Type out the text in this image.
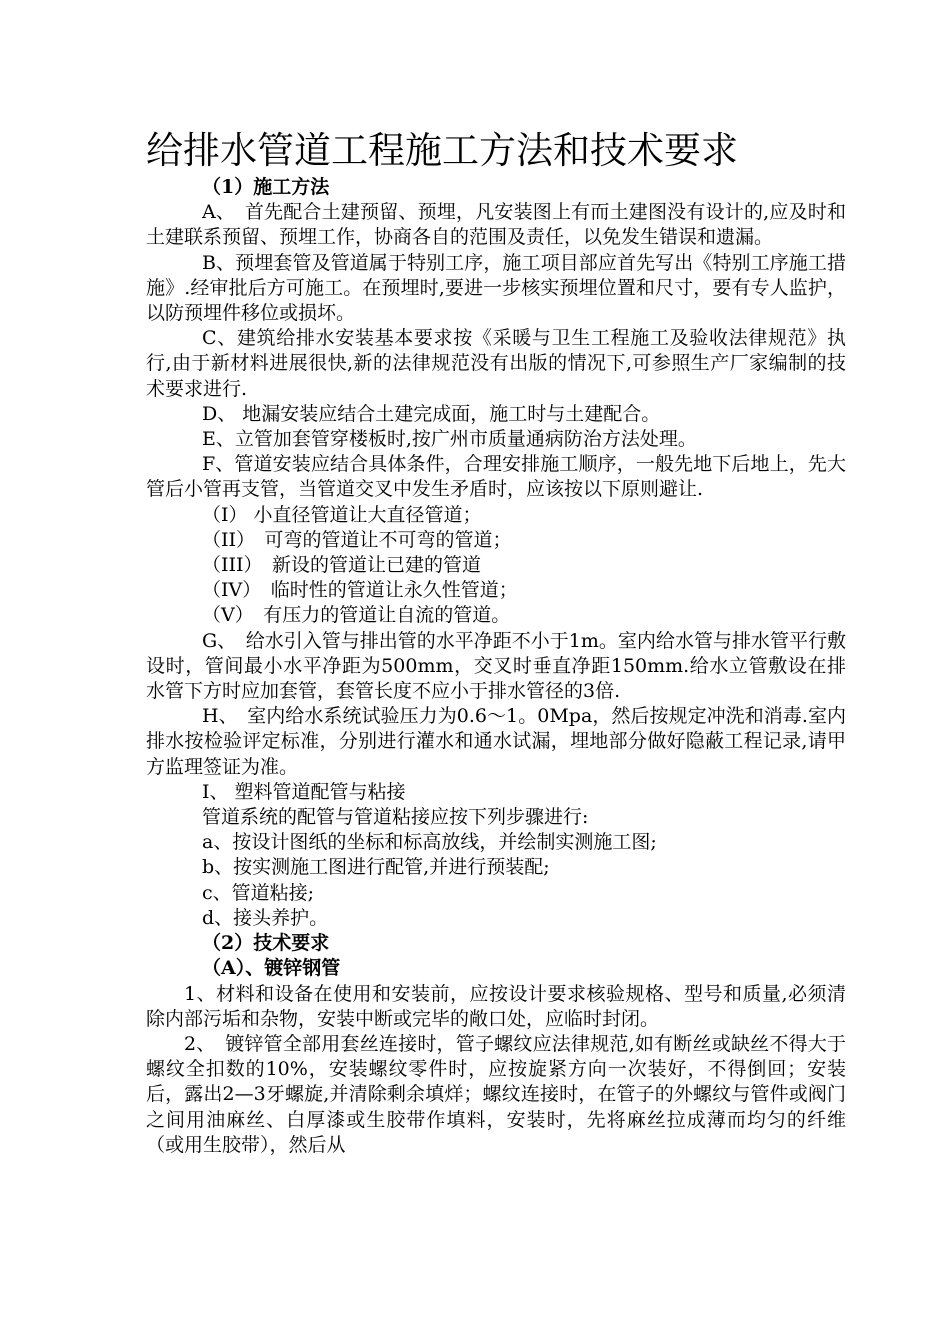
给排水管道工程施工方法和技术要求

（1）施工方法

A、　首先配合土建预留、预埋，凡安装图上有而土建图没有设计的,应及时和土建联系预留、预埋工作，协商各自的范围及责任，以免发生错误和遗漏。

B、预埋套管及管道属于特别工序，施工项目部应首先写出《特别工序施工措施》.经审批后方可施工。在预埋时,要进一步核实预埋位置和尺寸，要有专人监护，以防预埋件移位或损坏。

C、建筑给排水安装基本要求按《采暖与卫生工程施工及验收法律规范》执行,由于新材料进展很快,新的法律规范没有出版的情况下,可参照生产厂家编制的技术要求进行.

D、 地漏安装应结合土建完成面，施工时与土建配合。

E、立管加套管穿楼板时,按广州市质量通病防治方法处理。

F、管道安装应结合具体条件，合理安排施工顺序，一般先地下后地上，先大管后小管再支管，当管道交叉中发生矛盾时，应该按以下原则避让.

（I） 小直径管道让大直径管道；

（II）　可弯的管道让不可弯的管道；

（III）　新设的管道让已建的管道

（IV）　临时性的管道让永久性管道；

（V）　有压力的管道让自流的管道。

G、　给水引入管与排出管的水平净距不小于1m。室内给水管与排水管平行敷设时，管间最小水平净距为500mm，交叉时垂直净距150mm.给水立管敷设在排水管下方时应加套管，套管长度不应小于排水管径的3倍.

H、　室内给水系统试验压力为0.6～1。0Mpa，然后按规定冲洗和消毒.室内排水按检验评定标准，分别进行灌水和通水试漏，埋地部分做好隐蔽工程记录,请甲方监理签证为准。

I、 塑料管道配管与粘接

管道系统的配管与管道粘接应按下列步骤进行:

a、按设计图纸的坐标和标高放线，并绘制实测施工图;

b、按实测施工图进行配管,并进行预装配;

c、管道粘接;

d、接头养护。

（2）技术要求

（A）、镀锌钢管

1、材料和设备在使用和安装前，应按设计要求核验规格、型号和质量,必须清除内部污垢和杂物，安装中断或完毕的敞口处，应临时封闭。

2、　镀锌管全部用套丝连接时，管子螺纹应法律规范,如有断丝或缺丝不得大于螺纹全扣数的10%，安装螺纹零件时，应按旋紧方向一次装好，不得倒回；安装后，露出2—3牙螺旋,并清除剩余填烊；螺纹连接时，在管子的外螺纹与管件或阀门之间用油麻丝、白厚漆或生胶带作填料，安装时，先将麻丝拉成薄而均匀的纤维（或用生胶带），然后从
